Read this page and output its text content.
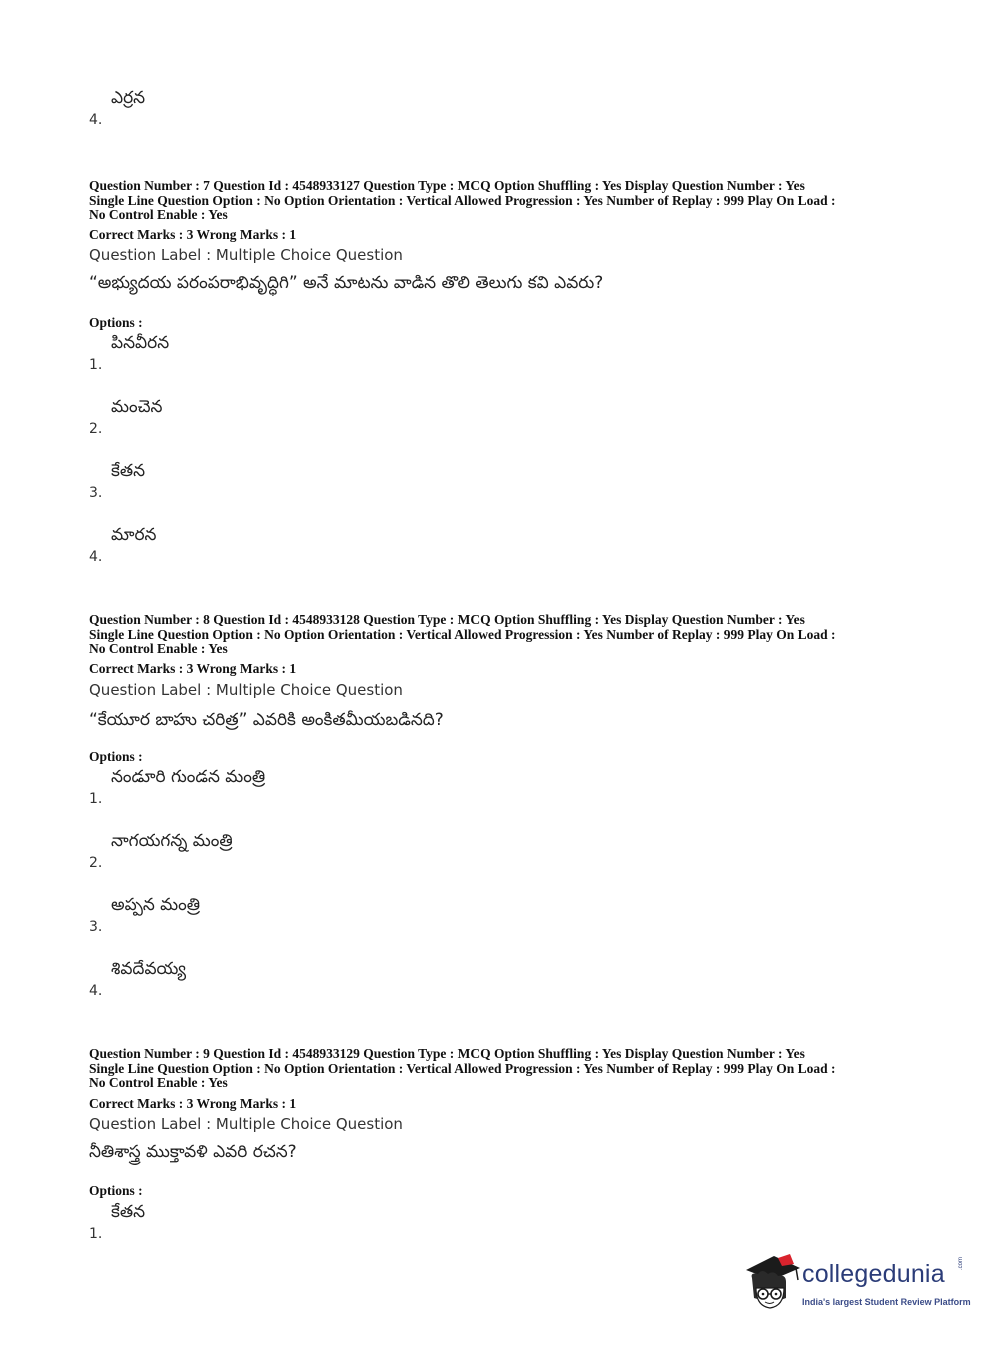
4.
ఎర్రన

Question Number : 7 Question Id : 4548933127 Question Type : MCQ Option Shuffling : Yes Display Question Number : Yes

Single Line Question Option : No Option Orientation : Vertical Allowed Progression : Yes Number of Replay : 999 Play On Load :

No Control Enable : Yes

Correct Marks : 3 Wrong Marks : 1
Question Label : Multiple Choice Question
“అభ్యుదయ పరంపరాభివృద్ధిగి” అనే మాటను వాడిన తొలి తెలుగు కవి ఎవరు?
Options :
1.
పినవీరన
2.
మంచెన
3.
కేతన
4.
మారన

Question Number : 8 Question Id : 4548933128 Question Type : MCQ Option Shuffling : Yes Display Question Number : Yes

Single Line Question Option : No Option Orientation : Vertical Allowed Progression : Yes Number of Replay : 999 Play On Load :

No Control Enable : Yes

Correct Marks : 3 Wrong Marks : 1
Question Label : Multiple Choice Question
“కేయూర బాహు చరిత్ర” ఎవరికి అంకితమీయబడినది?
Options :
1.
నండూరి గుండన మంత్రి
2.
నాగయగన్న మంత్రి
3.
అప్పన మంత్రి
4.
శివదేవయ్య

Question Number : 9 Question Id : 4548933129 Question Type : MCQ Option Shuffling : Yes Display Question Number : Yes

Single Line Question Option : No Option Orientation : Vertical Allowed Progression : Yes Number of Replay : 999 Play On Load :

No Control Enable : Yes

Correct Marks : 3 Wrong Marks : 1
Question Label : Multiple Choice Question
నీతిశాస్త్ర ముక్తావళి ఎవరి రచన?
Options :
1.
కేతన
collegedunia .com
India's largest Student Review Platform
